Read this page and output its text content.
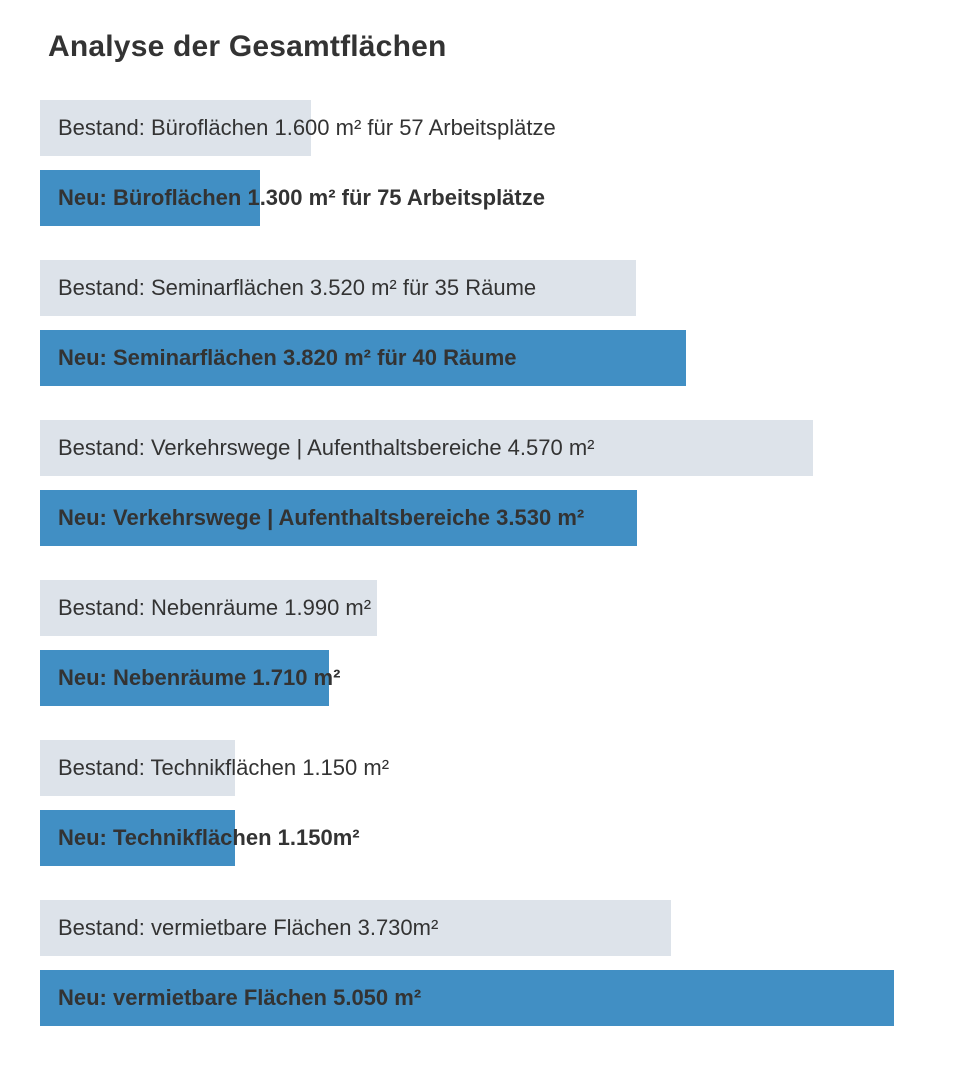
Analyse der Gesamtflächen
Bestand: Büroflächen 1.600 m² für 57 Arbeitsplätze
Neu: Büroflächen 1.300 m² für 75 Arbeitsplätze
Bestand: Seminarflächen 3.520 m² für 35 Räume
Neu: Seminarflächen 3.820 m² für 40 Räume
Bestand: Verkehrswege | Aufenthaltsbereiche 4.570 m²
Neu: Verkehrswege | Aufenthaltsbereiche 3.530 m²
Bestand: Nebenräume 1.990 m²
Neu: Nebenräume 1.710 m²
Bestand: Technikflächen 1.150 m²
Neu: Technikflächen 1.150m²
Bestand: vermietbare Flächen 3.730m²
Neu: vermietbare Flächen 5.050 m²
